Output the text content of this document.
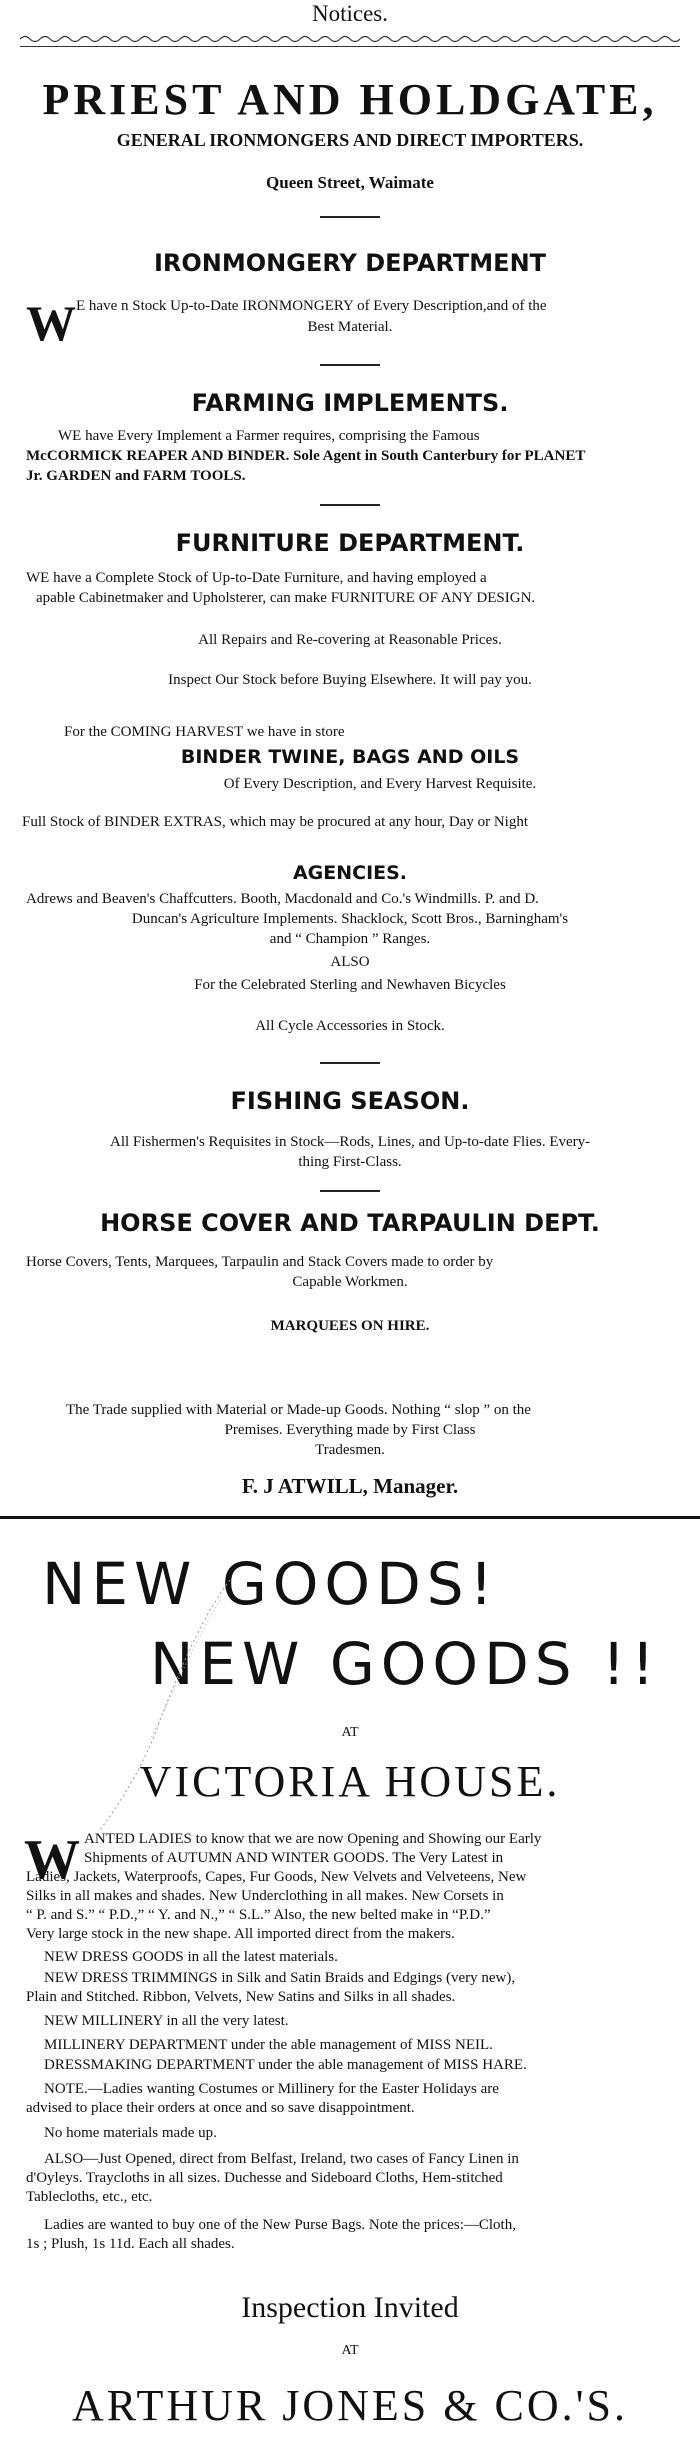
Notices.
PRIEST AND HOLDGATE,
GENERAL IRONMONGERS AND DIRECT IMPORTERS.
Queen Street, Waimate
IRONMONGERY DEPARTMENT
W E have n Stock Up-to-Date IRONMONGERY of Every Description,and of the
Best Material.
FARMING IMPLEMENTS.
WE have Every Implement a Farmer requires, comprising the Famous
McCORMICK REAPER AND BINDER. Sole Agent in South Canterbury for PLANET
Jr. GARDEN and FARM TOOLS.
FURNITURE DEPARTMENT.
WE have a Complete Stock of Up-to-Date Furniture, and having employed a
apable Cabinetmaker and Upholsterer, can make FURNITURE OF ANY DESIGN.
All Repairs and Re-covering at Reasonable Prices.
Inspect Our Stock before Buying Elsewhere. It will pay you.
For the COMING HARVEST we have in store
BINDER TWINE, BAGS AND OILS
Of Every Description, and Every Harvest Requisite.
Full Stock of BINDER EXTRAS, which may be procured at any hour, Day or Night
AGENCIES.
Adrews and Beaven's Chaffcutters. Booth, Macdonald and Co.'s Windmills. P. and D.
Duncan's Agriculture Implements. Shacklock, Scott Bros., Barningham's
and “ Champion ” Ranges.
ALSO
For the Celebrated Sterling and Newhaven Bicycles
All Cycle Accessories in Stock.
FISHING SEASON.
All Fishermen's Requisites in Stock—Rods, Lines, and Up-to-date Flies. Every-
thing First-Class.
HORSE COVER AND TARPAULIN DEPT.
Horse Covers, Tents, Marquees, Tarpaulin and Stack Covers made to order by
Capable Workmen.
MARQUEES ON HIRE.
The Trade supplied with Material or Made-up Goods. Nothing “ slop ” on the
Premises. Everything made by First Class
Tradesmen.
F. J ATWILL, Manager.
NEW GOODS!
NEW GOODS !!
AT
VICTORIA HOUSE.
W ANTED LADIES to know that we are now Opening and Showing our Early
Shipments of AUTUMN AND WINTER GOODS. The Very Latest in
Ladies, Jackets, Waterproofs, Capes, Fur Goods, New Velvets and Velveteens, New
Silks in all makes and shades. New Underclothing in all makes. New Corsets in
“ P. and S.” “ P.D.,” “ Y. and N.,” “ S.L.” Also, the new belted make in “P.D.”
Very large stock in the new shape. All imported direct from the makers.
NEW DRESS GOODS in all the latest materials.
NEW DRESS TRIMMINGS in Silk and Satin Braids and Edgings (very new),
Plain and Stitched. Ribbon, Velvets, New Satins and Silks in all shades.
NEW MILLINERY in all the very latest.
MILLINERY DEPARTMENT under the able management of MISS NEIL.
DRESSMAKING DEPARTMENT under the able management of MISS HARE.
NOTE.—Ladies wanting Costumes or Millinery for the Easter Holidays are
advised to place their orders at once and so save disappointment.
No home materials made up.
ALSO—Just Opened, direct from Belfast, Ireland, two cases of Fancy Linen in
d'Oyleys. Traycloths in all sizes. Duchesse and Sideboard Cloths, Hem-stitched
Tablecloths, etc., etc.
Ladies are wanted to buy one of the New Purse Bags. Note the prices:—Cloth,
1s ; Plush, 1s 11d. Each all shades.
Inspection Invited
AT
ARTHUR JONES & CO.'S.
